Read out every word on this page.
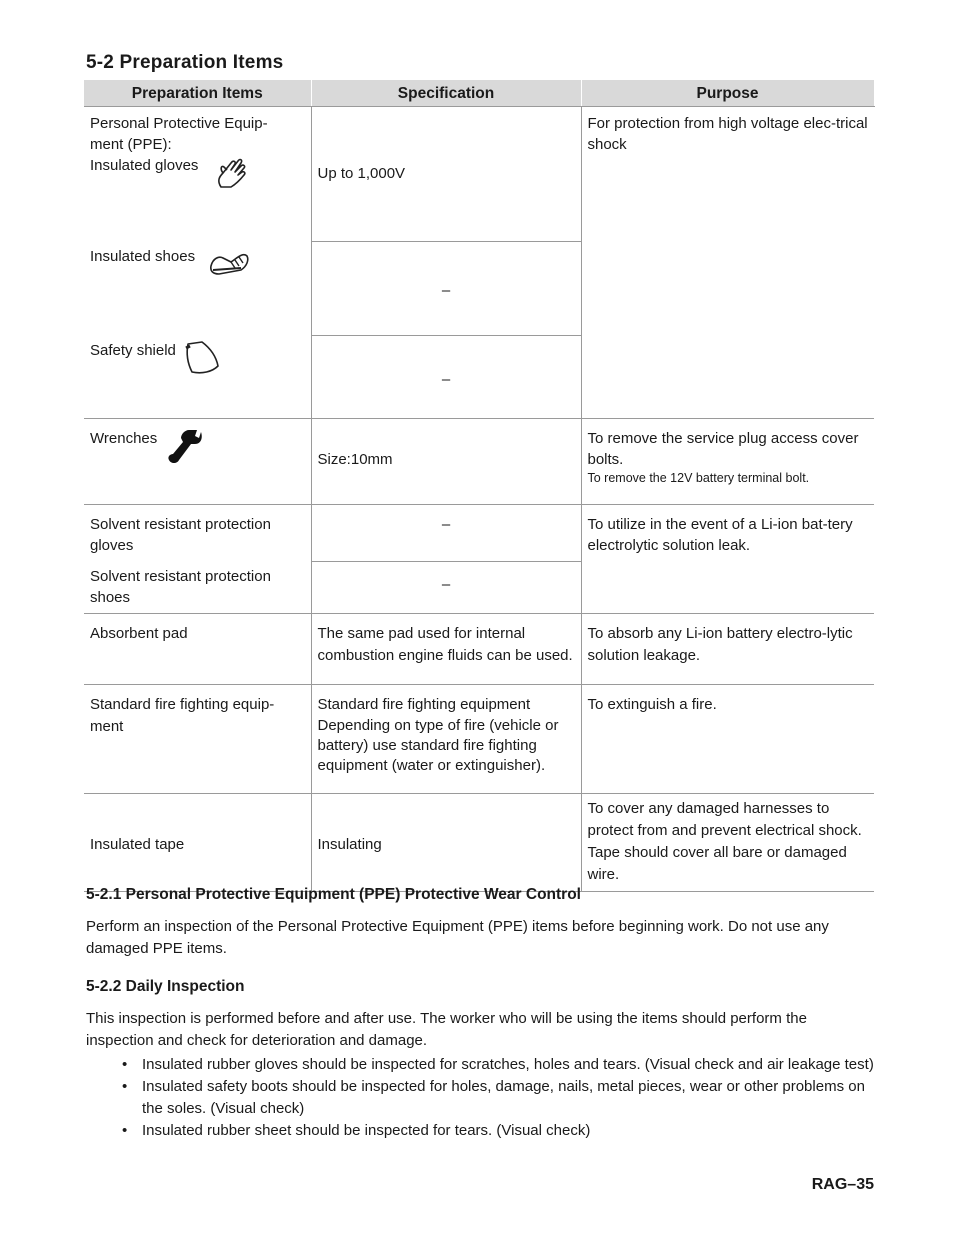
5-2 Preparation Items
Preparation Items	Specification	Purpose

Personal Protective Equip-
ment (PPE):
Insulated gloves	Up to 1,000V	For protection from high voltage elec-trical shock
Insulated shoes	–	
Safety shield	–	
Wrenches	Size:10mm	To remove the service plug access cover bolts.
To remove the 12V battery terminal bolt.

Solvent resistant protection gloves	–	To utilize in the event of a Li-ion bat-tery electrolytic solution leak.
Solvent resistant protection shoes	–	
Absorbent pad	The same pad used for internal combustion engine fluids can be used.	To absorb any Li-ion battery electro-lytic solution leakage.
Standard fire fighting equip-ment	Standard fire fighting equipment
Depending on type of fire (vehicle or battery) use standard fire fighting equipment (water or extinguisher).	To extinguish a fire.
Insulated tape	Insulating	To cover any damaged harnesses to protect from and prevent electrical shock. Tape should cover all bare or damaged wire.
5-2.1 Personal Protective Equipment (PPE) Protective Wear Control
Perform an inspection of the Personal Protective Equipment (PPE) items before beginning work. Do not use any damaged PPE items.
5-2.2 Daily Inspection
This inspection is performed before and after use. The worker who will be using the items should perform the inspection and check for deterioration and damage.
• Insulated rubber gloves should be inspected for scratches, holes and tears. (Visual check and air leakage test)
• Insulated safety boots should be inspected for holes, damage, nails, metal pieces, wear or other problems on the soles. (Visual check)
• Insulated rubber sheet should be inspected for tears. (Visual check)
RAG–35
